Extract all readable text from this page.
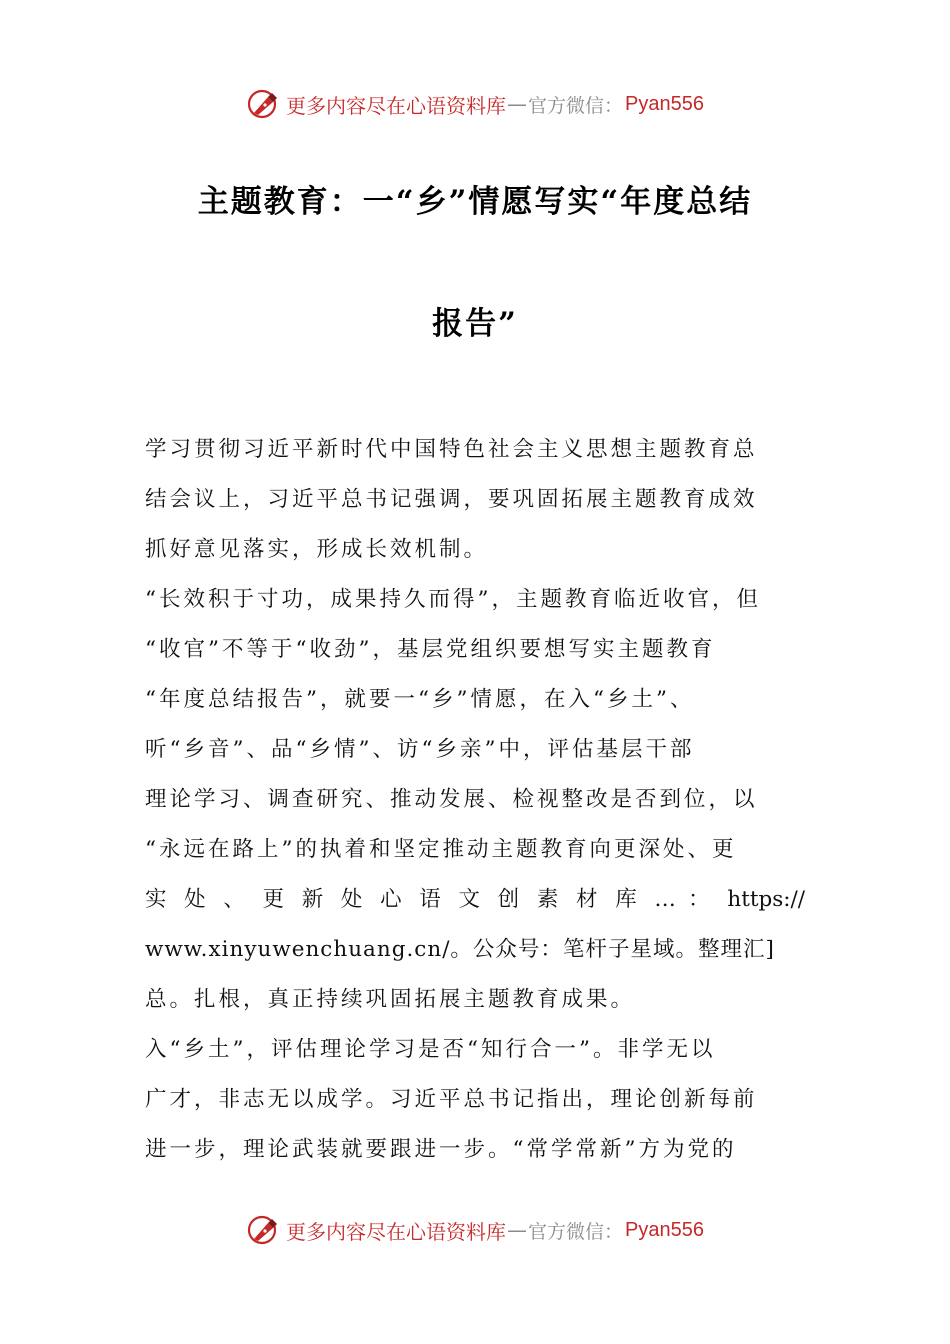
更多内容尽在心语资料库 — 官方微信： Pyan556
主题教育：一“乡”情愿写实“年度总结
报告”
学习贯彻习近平新时代中国特色社会主义思想主题教育总
结会议上，习近平总书记强调，要巩固拓展主题教育成效
抓好意见落实，形成长效机制。
“长效积于寸功，成果持久而得”，主题教育临近收官，但
“收官”不等于“收劲”，基层党组织要想写实主题教育
“年度总结报告”，就要一“乡”情愿，在入“乡土”、
听“乡音”、品“乡情”、访“乡亲”中，评估基层干部
理论学习、调查研究、推动发展、检视整改是否到位，以
“永远在路上”的执着和坚定推动主题教育向更深处、更
实 处 、 更 新 处 心 语 文 创 素 材 库 … ： https://
www.xinyuwenchuang.cn/。公众号：笔杆子星域。整理汇]
总。扎根，真正持续巩固拓展主题教育成果。
入“乡土”，评估理论学习是否“知行合一”。非学无以
广才，非志无以成学。习近平总书记指出，理论创新每前
进一步，理论武装就要跟进一步。“常学常新”方为党的
更多内容尽在心语资料库 — 官方微信： Pyan556
